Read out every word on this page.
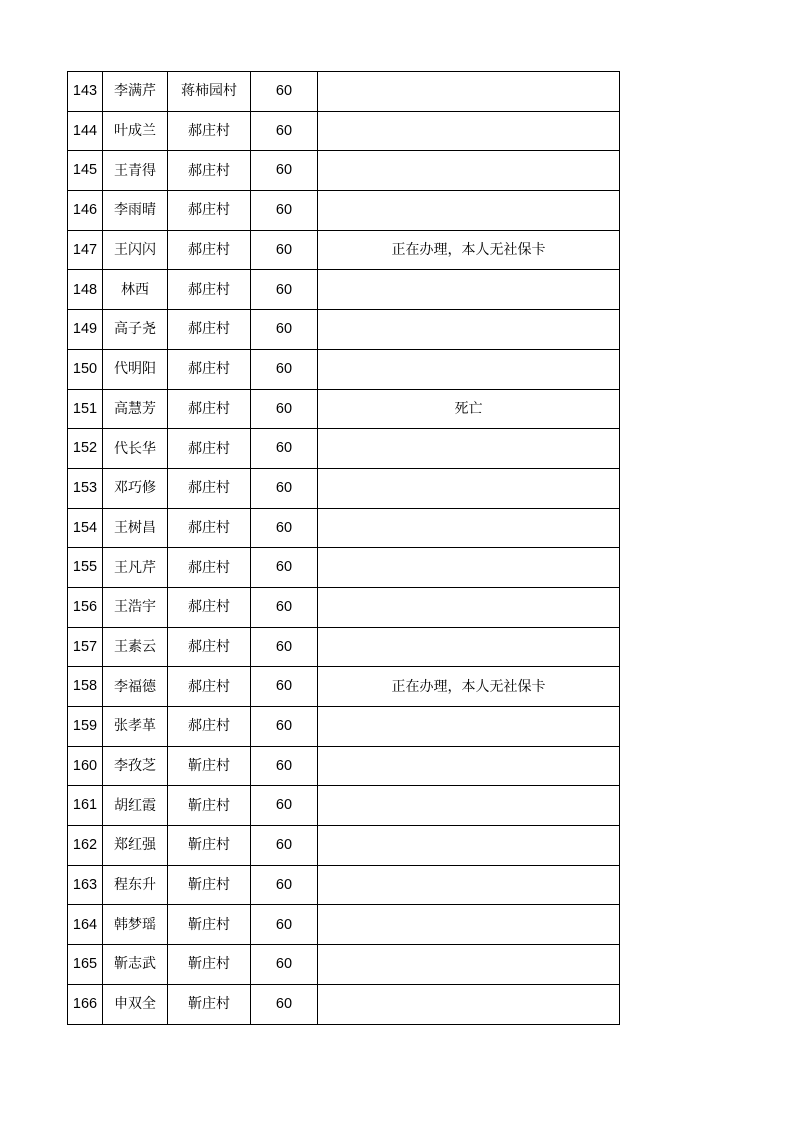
143	李满芹	蒋柿园村	60	
144	叶成兰	郝庄村	60	
145	王青得	郝庄村	60	
146	李雨晴	郝庄村	60	
147	王闪闪	郝庄村	60	正在办理，本人无社保卡
148	林西	郝庄村	60	
149	高子尧	郝庄村	60	
150	代明阳	郝庄村	60	
151	高慧芳	郝庄村	60	死亡
152	代长华	郝庄村	60	
153	邓巧修	郝庄村	60	
154	王树昌	郝庄村	60	
155	王凡芹	郝庄村	60	
156	王浩宇	郝庄村	60	
157	王素云	郝庄村	60	
158	李福德	郝庄村	60	正在办理，本人无社保卡
159	张孝革	郝庄村	60	
160	李孜芝	靳庄村	60	
161	胡红霞	靳庄村	60	
162	郑红强	靳庄村	60	
163	程东升	靳庄村	60	
164	韩梦瑶	靳庄村	60	
165	靳志武	靳庄村	60	
166	申双全	靳庄村	60	
